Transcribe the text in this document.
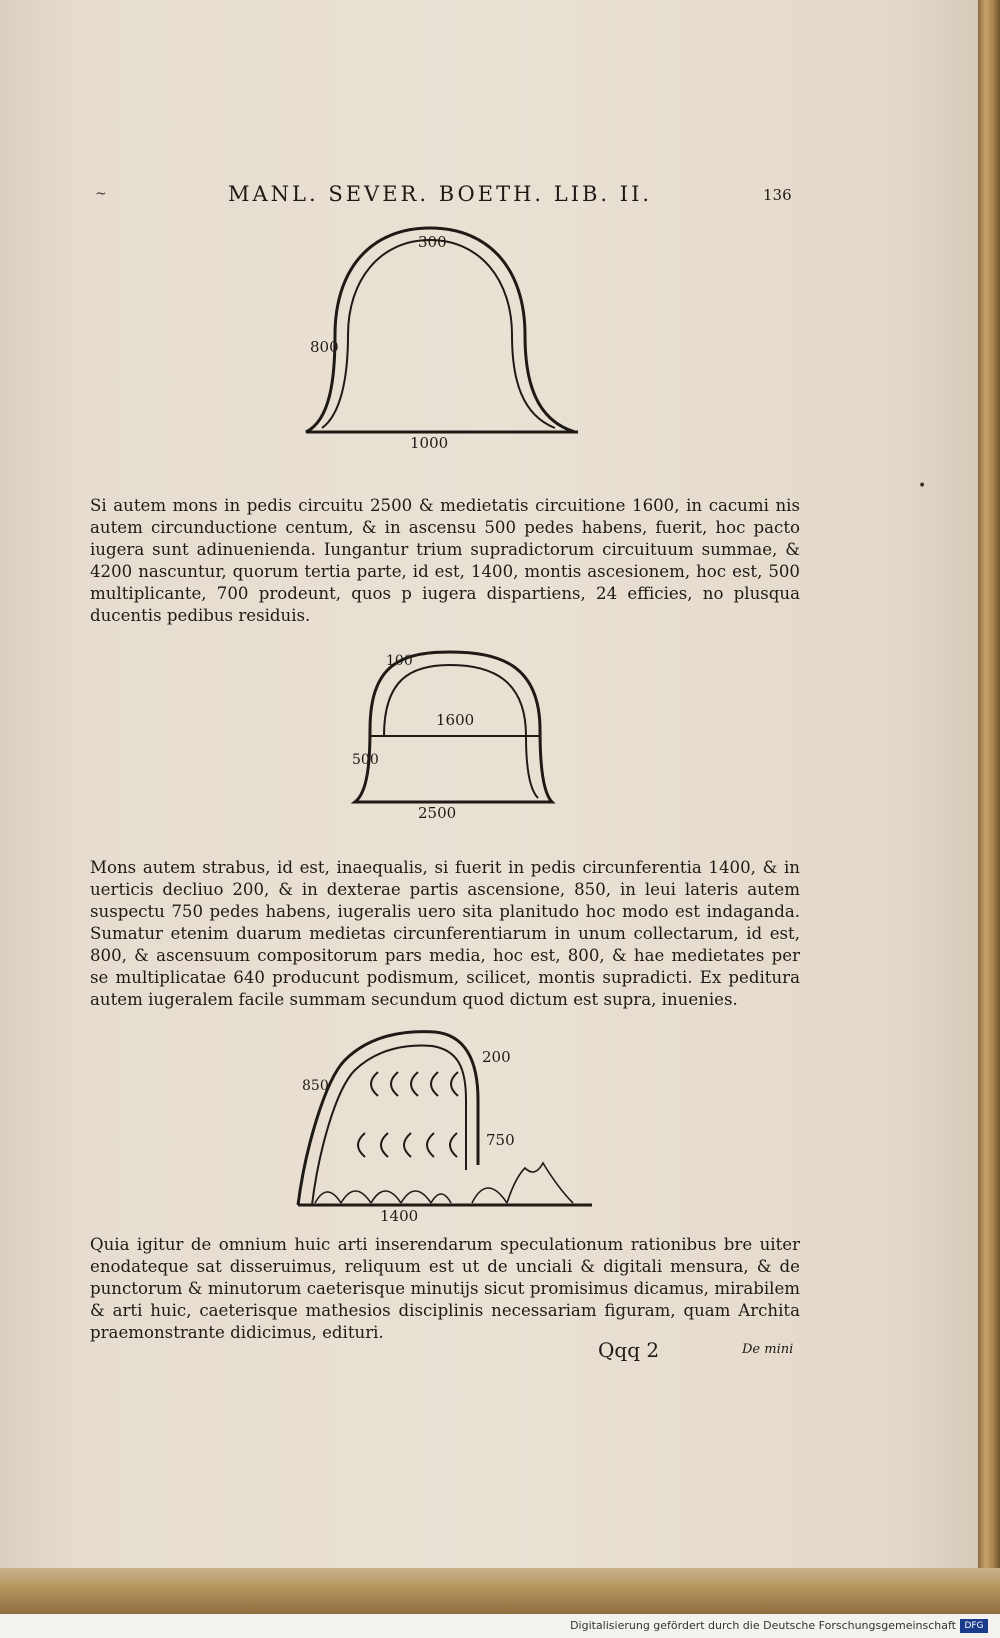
MANL. SEVER. BOETH. LIB. II.	136
~
•
300
800
1000
100
1600
500
2500
850
200
750
1400
Si autem mons in pedis circuitu 2500 & medietatis circuitione 1600, in cacumi nis autem circunductione centum, & in ascensu 500 pedes habens, fuerit, hoc pacto iugera sunt adinuenienda. Iungantur trium supradictorum circuituum summae, & 4200 nascuntur, quorum tertia parte, id est, 1400, montis ascesionem, hoc est, 500 multiplicante, 700 prodeunt, quos p iugera dispartiens, 24 efficies, no plusqua ducentis pedibus residuis.
Mons autem strabus, id est, inaequalis, si fuerit in pedis circunferentia 1400, & in uerticis decliuo 200, & in dexterae partis ascensione, 850, in leui lateris autem suspectu 750 pedes habens, iugeralis uero sita planitudo hoc modo est indaganda. Sumatur etenim duarum medietas circunferentiarum in unum collectarum, id est, 800, & ascensuum compositorum pars media, hoc est, 800, & hae medietates per se multiplicatae 640 producunt podismum, scilicet, montis supradicti. Ex peditura autem iugeralem facile summam secundum quod dictum est supra, inuenies.
Quia igitur de omnium huic arti inserendarum speculationum rationibus bre uiter enodateque sat disseruimus, reliquum est ut de unciali & digitali mensura, & de punctorum & minutorum caeterisque minutijs sicut promisimus dicamus, mirabilem & arti huic, caeterisque mathesios disciplinis necessariam figuram, quam Archita praemonstrante didicimus, edituri.
Qqq 2	De mini
Digitalisierung gefördert durch die Deutsche Forschungsgemeinschaft DFG
